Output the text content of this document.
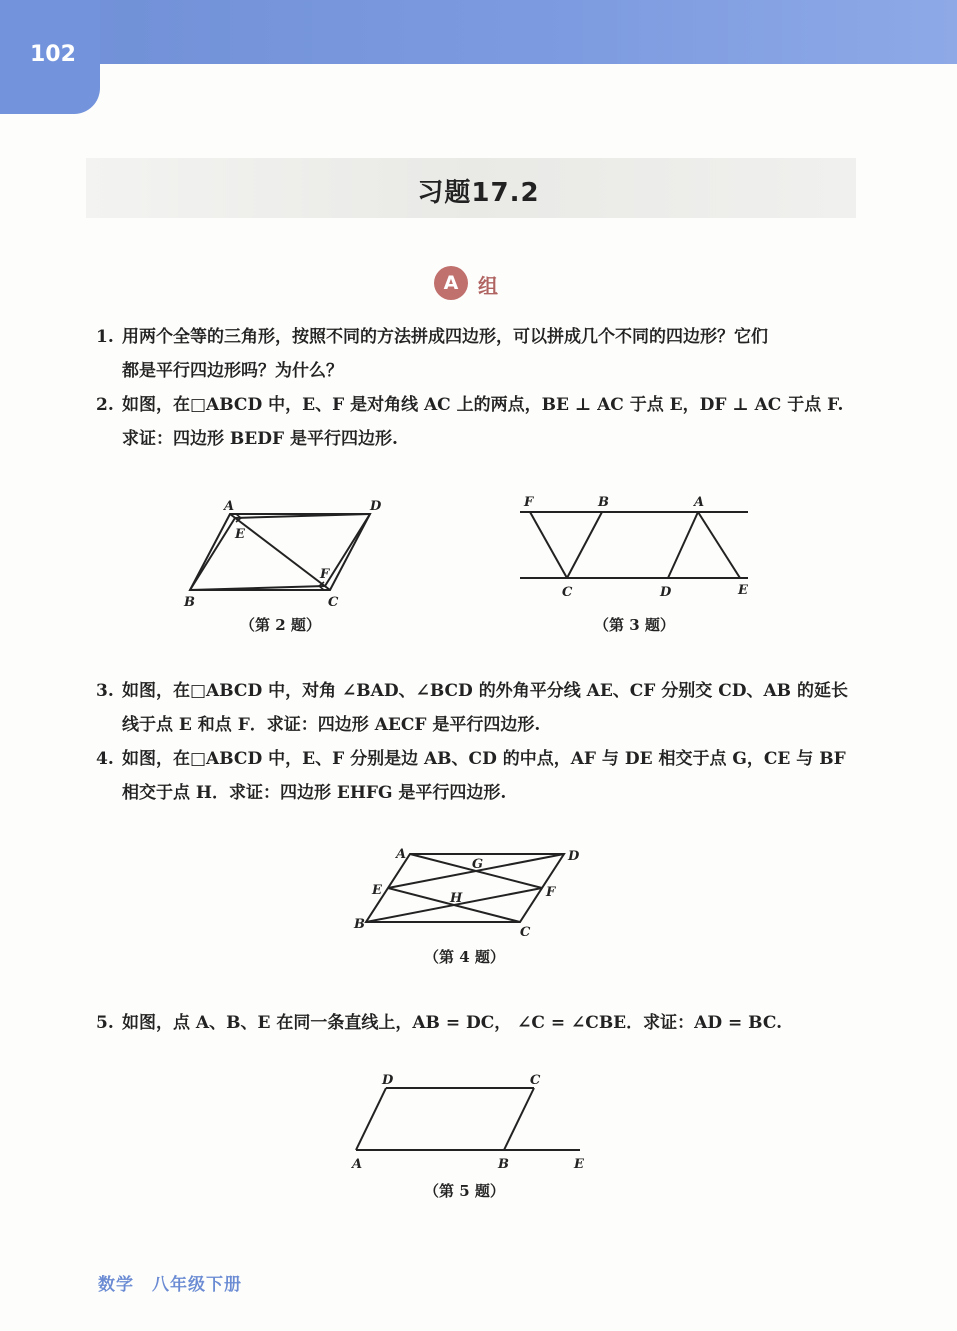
102
习题17.2
A 组
1. 用两个全等的三角形，按照不同的方法拼成四边形，可以拼成几个不同的四边形？它们
都是平行四边形吗？为什么？
2. 如图，在□ABCD 中，E、F 是对角线 AC 上的两点，BE ⊥ AC 于点 E，DF ⊥ AC 于点 F.
求证：四边形 BEDF 是平行四边形.
A	D
B	C
E
F
（第 2 题）
F	B	A
C	D	E
（第 3 题）
3. 如图，在□ABCD 中，对角 ∠BAD、∠BCD 的外角平分线 AE、CF 分别交 CD、AB 的延长
线于点 E 和点 F．求证：四边形 AECF 是平行四边形.
4. 如图，在□ABCD 中，E、F 分别是边 AB、CD 的中点，AF 与 DE 相交于点 G，CE 与 BF
相交于点 H．求证：四边形 EHFG 是平行四边形.
A	D
E	F
G
H
B
C
（第 4 题）
5. 如图，点 A、B、E 在同一条直线上，AB = DC， ∠C = ∠CBE．求证：AD = BC.
D	C
A	B	E
（第 5 题）
数学　八年级下册
